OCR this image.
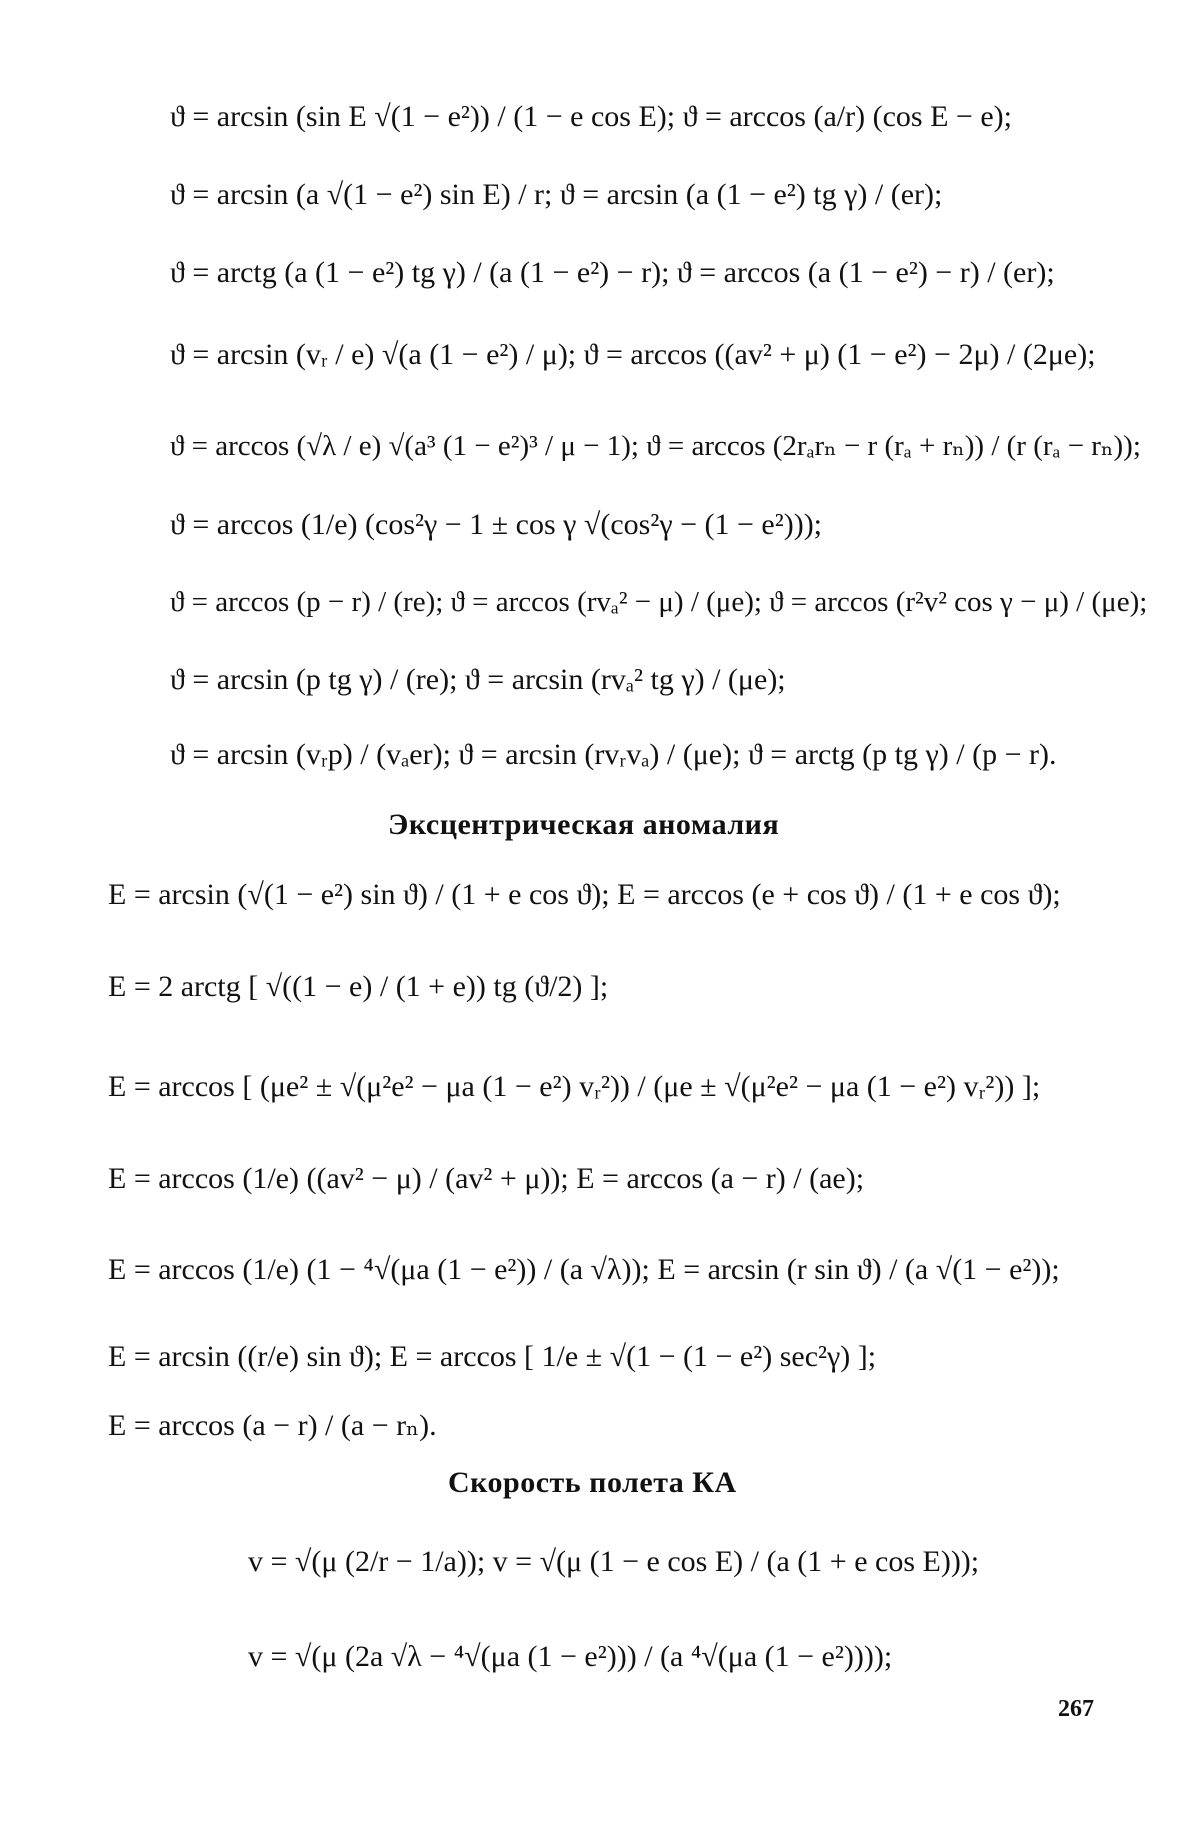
ϑ = arcsin (sin E √(1 − e²)) / (1 − e cos E); ϑ = arccos (a/r) (cos E − e);
ϑ = arcsin (a √(1 − e²) sin E) / r; ϑ = arcsin (a (1 − e²) tg γ) / (er);
ϑ = arctg (a (1 − e²) tg γ) / (a (1 − e²) − r); ϑ = arccos (a (1 − e²) − r) / (er);
ϑ = arcsin (vᵣ / e) √(a (1 − e²) / μ); ϑ = arccos ((av² + μ) (1 − e²) − 2μ) / (2μe);
ϑ = arccos (√λ / e) √(a³ (1 − e²)³ / μ − 1); ϑ = arccos (2rₐrₙ − r (rₐ + rₙ)) / (r (rₐ − rₙ));
ϑ = arccos (1/e) (cos²γ − 1 ± cos γ √(cos²γ − (1 − e²)));
ϑ = arccos (p − r) / (re); ϑ = arccos (rvₐ² − μ) / (μe); ϑ = arccos (r²v² cos γ − μ) / (μe);
ϑ = arcsin (p tg γ) / (re); ϑ = arcsin (rvₐ² tg γ) / (μe);
ϑ = arcsin (vᵣp) / (vₐer); ϑ = arcsin (rvᵣvₐ) / (μe); ϑ = arctg (p tg γ) / (p − r).
Эксцентрическая аномалия
E = arcsin (√(1 − e²) sin ϑ) / (1 + e cos ϑ); E = arccos (e + cos ϑ) / (1 + e cos ϑ);
E = 2 arctg [ √((1 − e) / (1 + e)) tg (ϑ/2) ];
E = arccos [ (μe² ± √(μ²e² − μa (1 − e²) vᵣ²)) / (μe ± √(μ²e² − μa (1 − e²) vᵣ²)) ];
E = arccos (1/e) ((av² − μ) / (av² + μ)); E = arccos (a − r) / (ae);
E = arccos (1/e) (1 − ⁴√(μa (1 − e²)) / (a √λ)); E = arcsin (r sin ϑ) / (a √(1 − e²));
E = arcsin ((r/e) sin ϑ); E = arccos [ 1/e ± √(1 − (1 − e²) sec²γ) ];
E = arccos (a − r) / (a − rₙ).
Скорость полета КА
v = √(μ (2/r − 1/a)); v = √(μ (1 − e cos E) / (a (1 + e cos E)));
v = √(μ (2a √λ − ⁴√(μa (1 − e²))) / (a ⁴√(μa (1 − e²))));
267
